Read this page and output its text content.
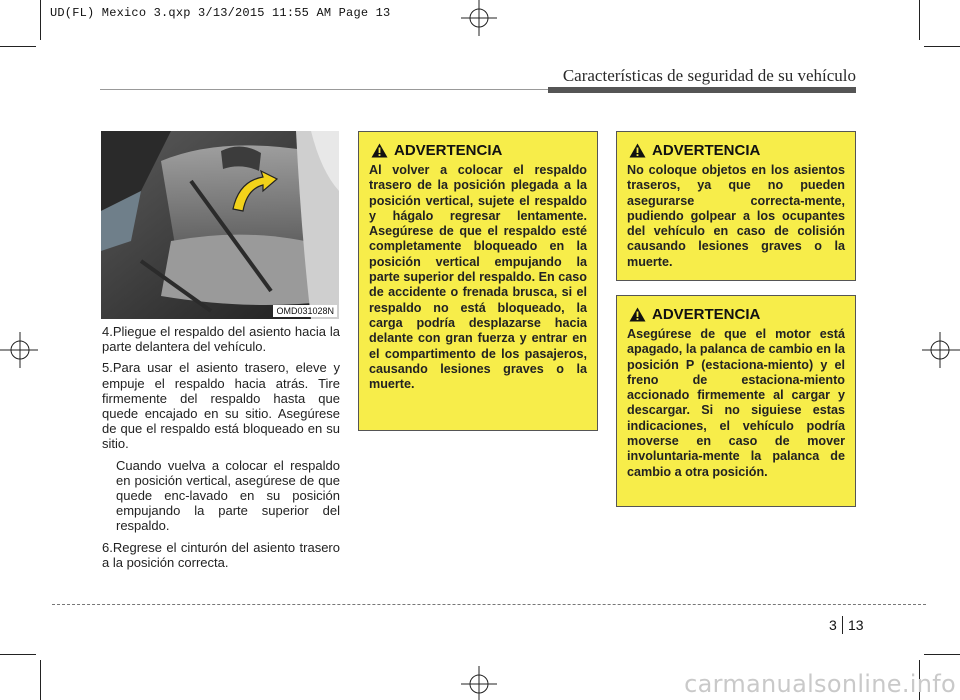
UD(FL) Mexico 3.qxp 3/13/2015 11:55 AM Page 13
Características de seguridad de su vehículo
OMD031028N
4.Pliegue el respaldo del asiento hacia la parte delantera del vehículo.
5.Para usar el asiento trasero, eleve y empuje el respaldo hacia atrás. Tire firmemente del respaldo hasta que quede encajado en su sitio. Asegúrese de que el respaldo está bloqueado en su sitio.
Cuando vuelva a colocar el respaldo en posición vertical, asegúrese de que quede enc-lavado en su posición empujando la parte superior del respaldo.
6.Regrese el cinturón del asiento trasero a la posición correcta.
ADVERTENCIA
Al volver a colocar el respaldo trasero de la posición plegada a la posición vertical, sujete el respaldo y hágalo regresar lentamente. Asegúrese de que el respaldo esté completamente bloqueado en la posición vertical empujando la parte superior del respaldo. En caso de accidente o frenada brusca, si el respaldo no está bloqueado, la carga podría desplazarse hacia delante con gran fuerza y entrar en el compartimento de los pasajeros, causando lesiones graves o la muerte.
ADVERTENCIA
No coloque objetos en los asientos traseros, ya que no pueden asegurarse correcta-mente, pudiendo golpear a los ocupantes del vehículo en caso de colisión causando lesiones graves o la muerte.
ADVERTENCIA
Asegúrese de que el motor está apagado, la palanca de cambio en la posición P (estaciona-miento) y el freno de estaciona-miento accionado firmemente al cargar y descargar. Si no siguiese estas indicaciones, el vehículo podría moverse en caso de mover involuntaria-mente la palanca de cambio a otra posición.
3 13
carmanualsonline.info
